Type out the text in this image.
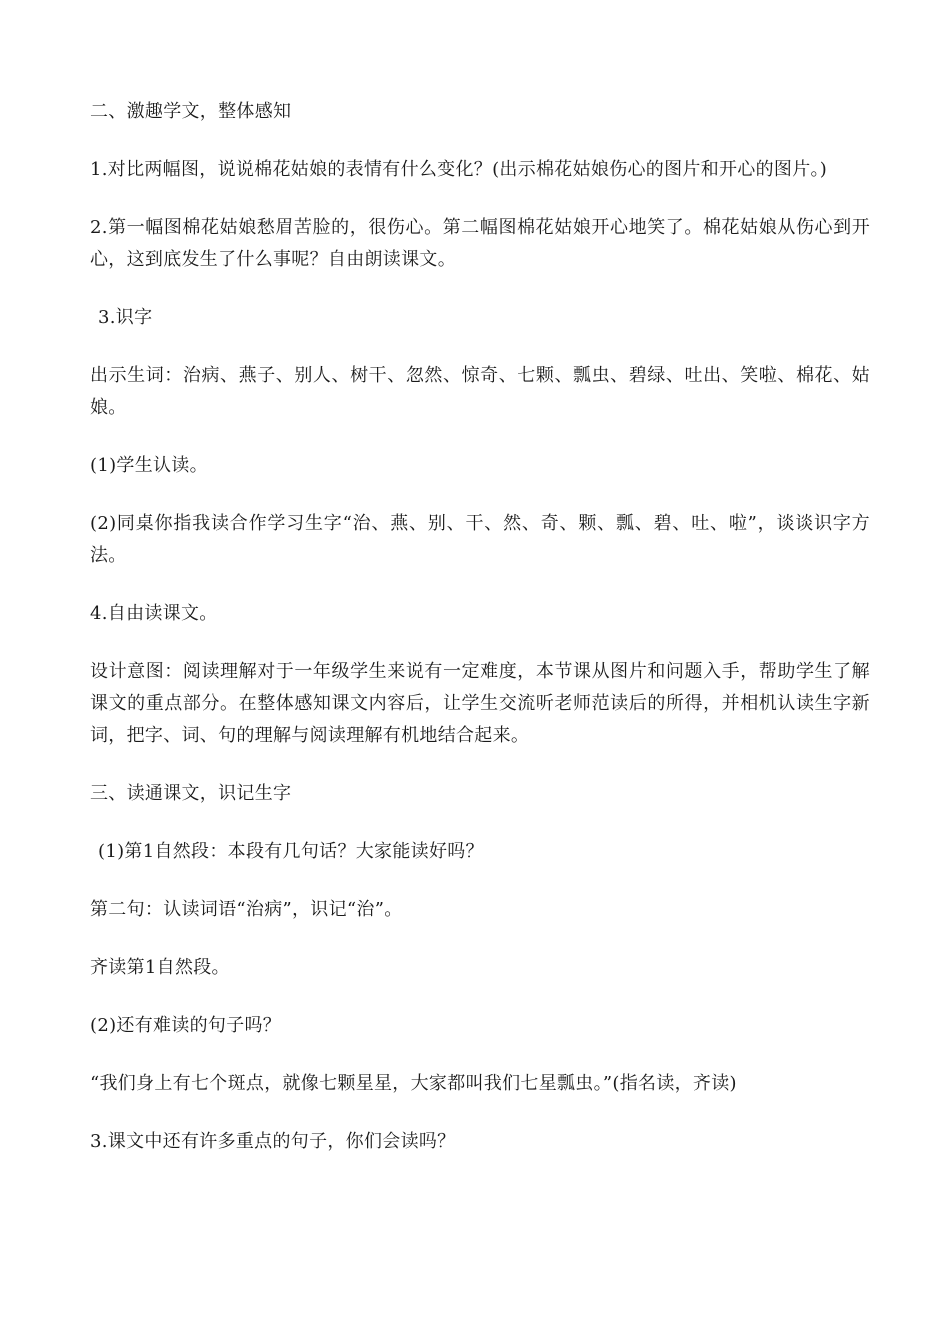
二、激趣学文，整体感知

1.对比两幅图，说说棉花姑娘的表情有什么变化？(出示棉花姑娘伤心的图片和开心的图片。)

2.第一幅图棉花姑娘愁眉苦脸的，很伤心。第二幅图棉花姑娘开心地笑了。棉花姑娘从伤心到开心，这到底发生了什么事呢？自由朗读课文。

3.识字

出示生词：治病、燕子、别人、树干、忽然、惊奇、七颗、瓢虫、碧绿、吐出、笑啦、棉花、姑娘。

(1)学生认读。

(2)同桌你指我读合作学习生字“治、燕、别、干、然、奇、颗、瓢、碧、吐、啦”，谈谈识字方法。

4.自由读课文。

设计意图：阅读理解对于一年级学生来说有一定难度，本节课从图片和问题入手，帮助学生了解课文的重点部分。在整体感知课文内容后，让学生交流听老师范读后的所得，并相机认读生字新词，把字、词、句的理解与阅读理解有机地结合起来。

三、读通课文，识记生字

(1)第1自然段：本段有几句话？大家能读好吗？

第二句：认读词语“治病”，识记“治”。

齐读第1自然段。

(2)还有难读的句子吗？

“我们身上有七个斑点，就像七颗星星，大家都叫我们七星瓢虫。”(指名读，齐读)

3.课文中还有许多重点的句子，你们会读吗？
